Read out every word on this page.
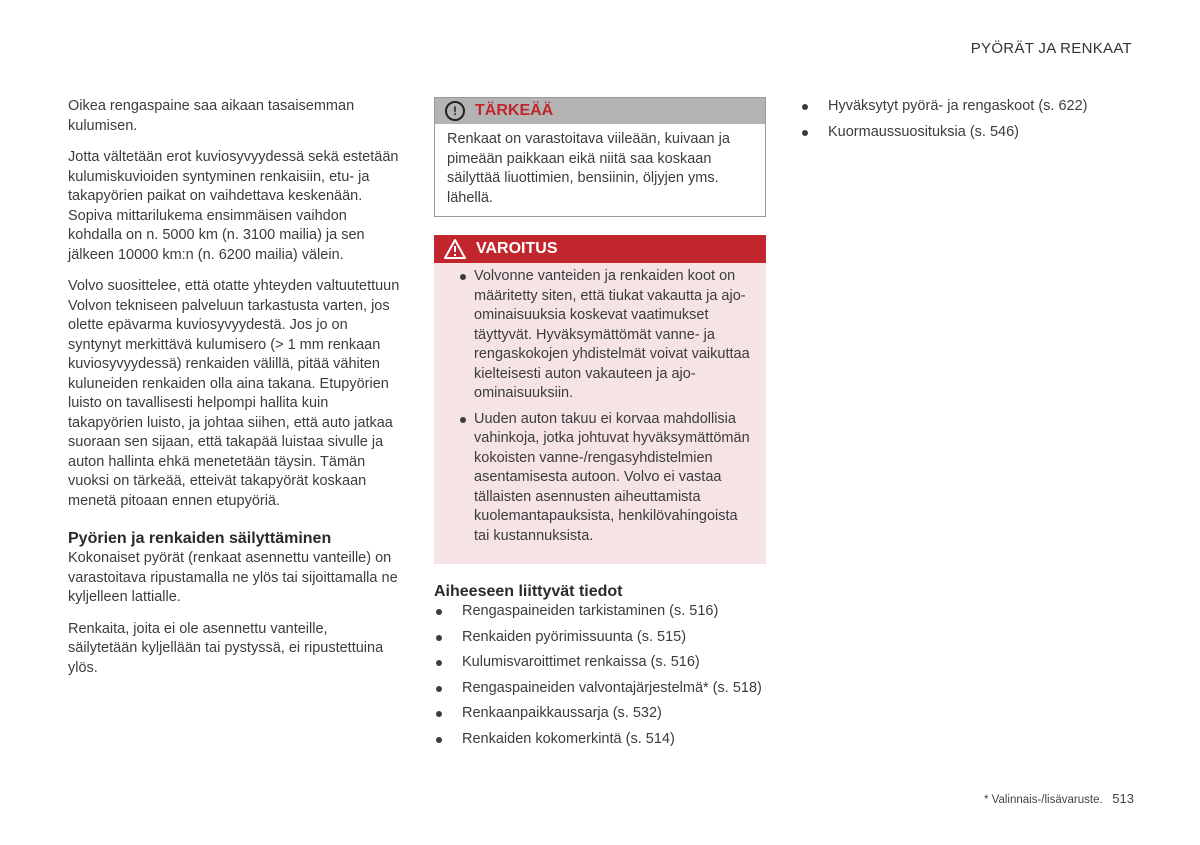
PYÖRÄT JA RENKAAT

Oikea rengaspaine saa aikaan tasaisemman kulumisen.

Jotta vältetään erot kuviosyvyydessä sekä estetään kulumiskuvioiden syntyminen renkaisiin, etu- ja takapyörien paikat on vaihdettava keskenään. Sopiva mittarilukema ensimmäisen vaihdon kohdalla on n. 5000 km (n. 3100 mailia) ja sen jälkeen 10000 km:n (n. 6200 mailia) välein.

Volvo suosittelee, että otatte yhteyden valtuutettuun Volvon tekniseen palveluun tarkastusta varten, jos olette epävarma kuviosyvyydestä. Jos jo on syntynyt merkittävä kulumisero (> 1 mm renkaan kuviosyvyydessä) renkaiden välillä, pitää vähiten kuluneiden renkaiden olla aina takana. Etupyörien luisto on tavallisesti helpompi hallita kuin takapyörien luisto, ja johtaa siihen, että auto jatkaa suoraan sen sijaan, että takapää luistaa sivulle ja auton hallinta ehkä menetetään täysin. Tämän vuoksi on tärkeää, etteivät takapyörät koskaan menetä pitoaan ennen etupyöriä.

Pyörien ja renkaiden säilyttäminen

Kokonaiset pyörät (renkaat asennettu vanteille) on varastoitava ripustamalla ne ylös tai sijoittamalla ne kyljelleen lattialle.

Renkaita, joita ei ole asennettu vanteille, säilytetään kyljellään tai pystyssä, ei ripustettuina ylös.

!	TÄRKEÄÄ
Renkaat on varastoitava viileään, kuivaan ja pimeään paikkaan eikä niitä saa koskaan säilyttää liuottimien, bensiinin, öljyjen yms. lähellä.
VAROITUS
Volvonne vanteiden ja renkaiden koot on määritetty siten, että tiukat vakautta ja ajo-ominaisuuksia koskevat vaatimukset täyttyvät. Hyväksymättömät vanne- ja rengaskokojen yhdistelmät voivat vaikuttaa kielteisesti auton vakauteen ja ajo-ominaisuuksiin.
Uuden auton takuu ei korvaa mahdollisia vahinkoja, jotka johtuvat hyväksymättömän kokoisten vanne-/rengasyhdistelmien asentamisesta autoon. Volvo ei vastaa tällaisten asennusten aiheuttamista kuolemantapauksista, henkilövahingoista tai kustannuksista.
Aiheeseen liittyvät tiedot
Rengaspaineiden tarkistaminen (s. 516)
Renkaiden pyörimissuunta (s. 515)
Kulumisvaroittimet renkaissa (s. 516)
Rengaspaineiden valvontajärjestelmä* (s. 518)
Renkaanpaikkaussarja (s. 532)
Renkaiden kokomerkintä (s. 514)
Hyväksytyt pyörä- ja rengaskoot (s. 622)
Kuormaussuosituksia (s. 546)
* Valinnais-/lisävaruste. 513
